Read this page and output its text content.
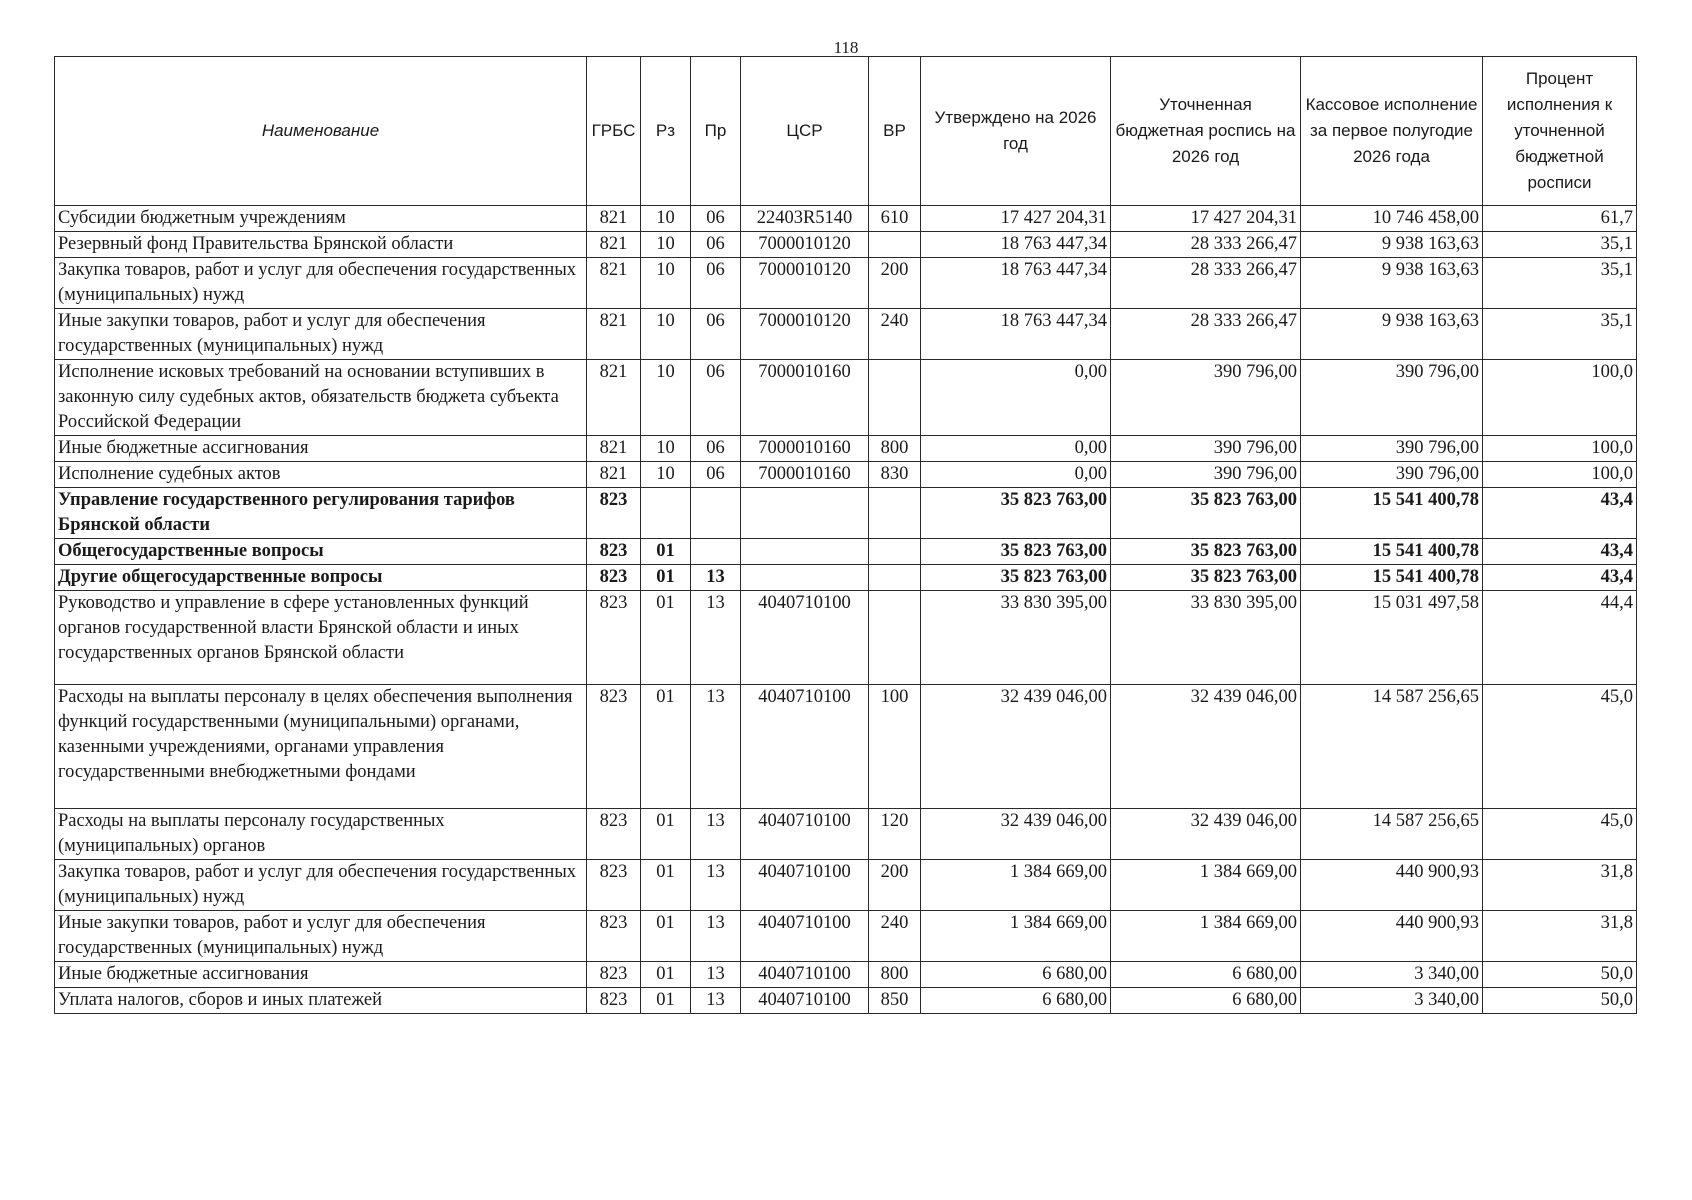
118
Наименование	ГРБС	Рз	Пр	ЦСР	ВР	Утверждено на 2026 год	Уточненная бюджетная роспись на 2026 год	Кассовое исполнение за первое полугодие 2026 года	Процент исполнения к уточненной бюджетной росписи
Субсидии бюджетным учреждениям	821	10	06	22403R5140	610	17 427 204,31	17 427 204,31	10 746 458,00	61,7
Резервный фонд Правительства Брянской области	821	10	06	7000010120		18 763 447,34	28 333 266,47	9 938 163,63	35,1
Закупка товаров, работ и услуг для обеспечения государственных (муниципальных) нужд	821	10	06	7000010120	200	18 763 447,34	28 333 266,47	9 938 163,63	35,1
Иные закупки товаров, работ и услуг для обеспечения государственных (муниципальных) нужд	821	10	06	7000010120	240	18 763 447,34	28 333 266,47	9 938 163,63	35,1
Исполнение исковых требований на основании вступивших в законную силу судебных актов, обязательств бюджета субъекта Российской Федерации	821	10	06	7000010160		0,00	390 796,00	390 796,00	100,0
Иные бюджетные ассигнования	821	10	06	7000010160	800	0,00	390 796,00	390 796,00	100,0
Исполнение судебных актов	821	10	06	7000010160	830	0,00	390 796,00	390 796,00	100,0
Управление государственного регулирования тарифов Брянской области	823					35 823 763,00	35 823 763,00	15 541 400,78	43,4
Общегосударственные вопросы	823	01				35 823 763,00	35 823 763,00	15 541 400,78	43,4
Другие общегосударственные вопросы	823	01	13			35 823 763,00	35 823 763,00	15 541 400,78	43,4
Руководство и управление в сфере установленных функций органов государственной власти Брянской области и иных государственных органов Брянской области	823	01	13	4040710100		33 830 395,00	33 830 395,00	15 031 497,58	44,4
Расходы на выплаты персоналу в целях обеспечения выполнения функций государственными (муниципальными) органами, казенными учреждениями, органами управления государственными внебюджетными фондами	823	01	13	4040710100	100	32 439 046,00	32 439 046,00	14 587 256,65	45,0
Расходы на выплаты персоналу государственных (муниципальных) органов	823	01	13	4040710100	120	32 439 046,00	32 439 046,00	14 587 256,65	45,0
Закупка товаров, работ и услуг для обеспечения государственных (муниципальных) нужд	823	01	13	4040710100	200	1 384 669,00	1 384 669,00	440 900,93	31,8
Иные закупки товаров, работ и услуг для обеспечения государственных (муниципальных) нужд	823	01	13	4040710100	240	1 384 669,00	1 384 669,00	440 900,93	31,8
Иные бюджетные ассигнования	823	01	13	4040710100	800	6 680,00	6 680,00	3 340,00	50,0
Уплата налогов, сборов и иных платежей	823	01	13	4040710100	850	6 680,00	6 680,00	3 340,00	50,0
